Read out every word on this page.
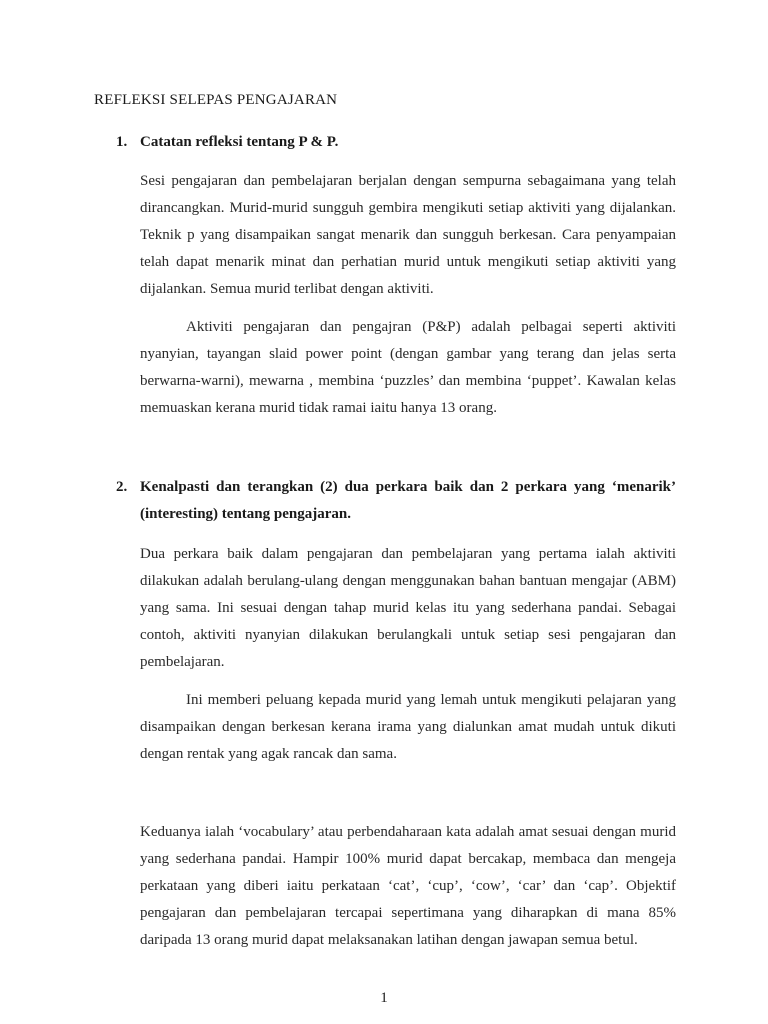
REFLEKSI SELEPAS PENGAJARAN
1. Catatan refleksi tentang P & P.
Sesi pengajaran dan pembelajaran berjalan dengan sempurna sebagaimana yang telah dirancangkan. Murid-murid sungguh gembira mengikuti setiap aktiviti yang dijalankan. Teknik p yang disampaikan sangat menarik dan sungguh berkesan. Cara penyampaian telah dapat menarik minat dan perhatian murid untuk mengikuti setiap aktiviti yang dijalankan. Semua murid terlibat dengan aktiviti.
Aktiviti pengajaran dan pengajran (P&P) adalah pelbagai seperti aktiviti nyanyian, tayangan slaid power point (dengan gambar yang terang dan jelas serta berwarna-warni), mewarna , membina ‘puzzles’ dan membina ‘puppet’. Kawalan kelas memuaskan kerana murid tidak ramai iaitu hanya 13 orang.
2. Kenalpasti dan terangkan (2) dua perkara baik dan 2 perkara yang ‘menarik’ (interesting) tentang pengajaran.
Dua perkara baik dalam pengajaran dan pembelajaran yang pertama ialah aktiviti dilakukan adalah berulang-ulang dengan menggunakan bahan bantuan mengajar (ABM) yang sama. Ini sesuai dengan tahap murid kelas itu yang sederhana pandai. Sebagai contoh, aktiviti nyanyian dilakukan berulangkali untuk setiap sesi pengajaran dan pembelajaran.
Ini memberi peluang kepada murid yang lemah untuk mengikuti pelajaran yang disampaikan dengan berkesan kerana irama yang dialunkan amat mudah untuk dikuti dengan rentak yang agak rancak dan sama.
Keduanya ialah ‘vocabulary’ atau perbendaharaan kata adalah amat sesuai dengan murid yang sederhana pandai. Hampir 100% murid dapat bercakap, membaca dan mengeja perkataan yang diberi iaitu perkataan ‘cat’, ‘cup’, ‘cow’, ‘car’ dan ‘cap’. Objektif pengajaran dan pembelajaran tercapai sepertimana yang diharapkan di mana 85% daripada 13 orang murid dapat melaksanakan latihan dengan jawapan semua betul.
1
